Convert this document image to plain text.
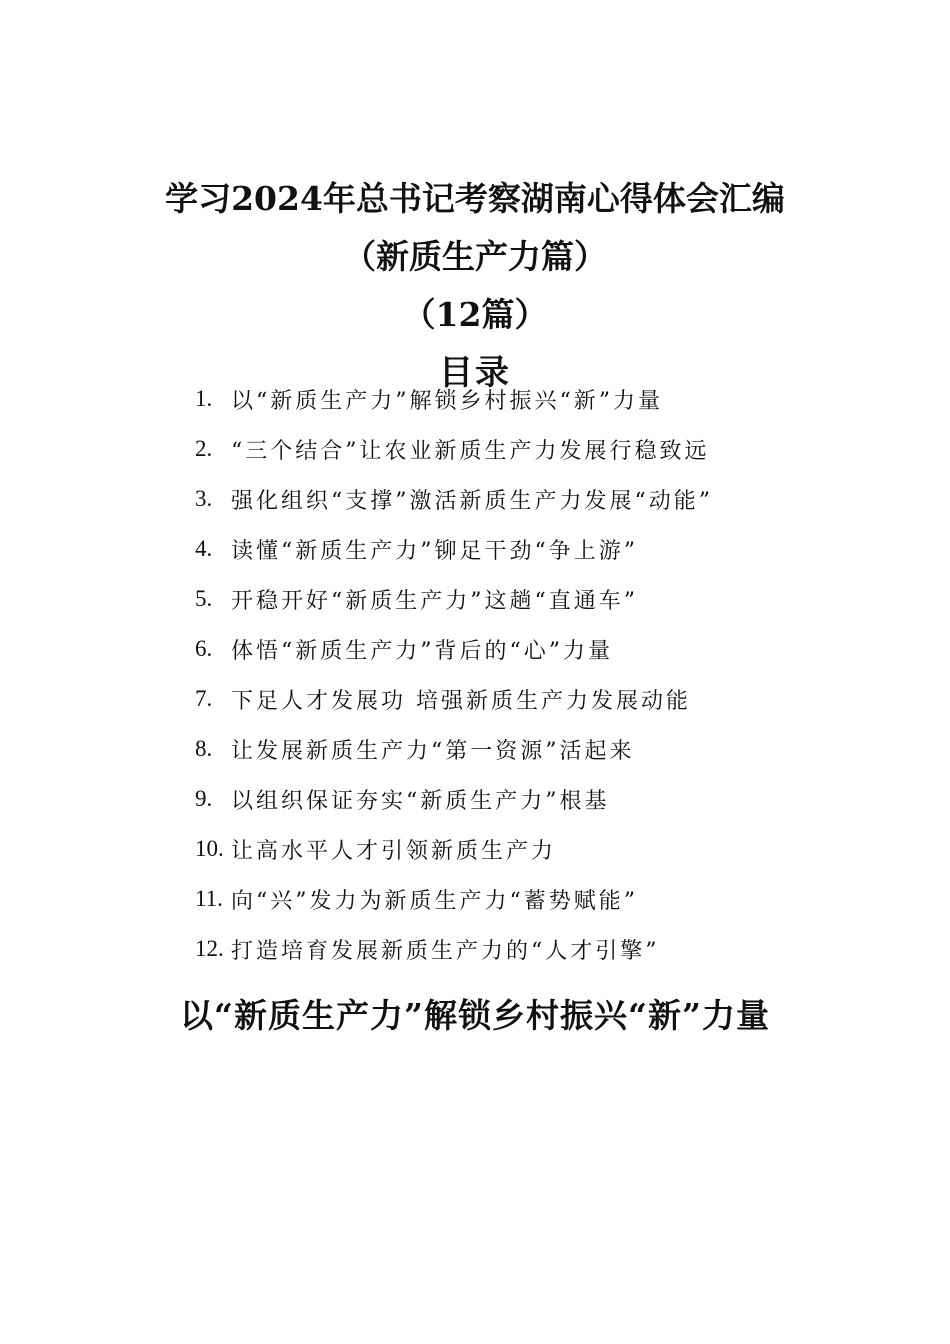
学习2024年总书记考察湖南心得体会汇编
（新质生产力篇）
（12篇）
目录
1. 以“新质生产力”解锁乡村振兴“新”力量
2. “三个结合”让农业新质生产力发展行稳致远
3. 强化组织“支撑”激活新质生产力发展“动能”
4. 读懂“新质生产力”铆足干劲“争上游”
5. 开稳开好“新质生产力”这趟“直通车”
6. 体悟“新质生产力”背后的“心”力量
7. 下足人才发展功 培强新质生产力发展动能
8. 让发展新质生产力“第一资源”活起来
9. 以组织保证夯实“新质生产力”根基
10. 让高水平人才引领新质生产力
11. 向“兴”发力为新质生产力“蓄势赋能”
12. 打造培育发展新质生产力的“人才引擎”
以“新质生产力”解锁乡村振兴“新”力量
